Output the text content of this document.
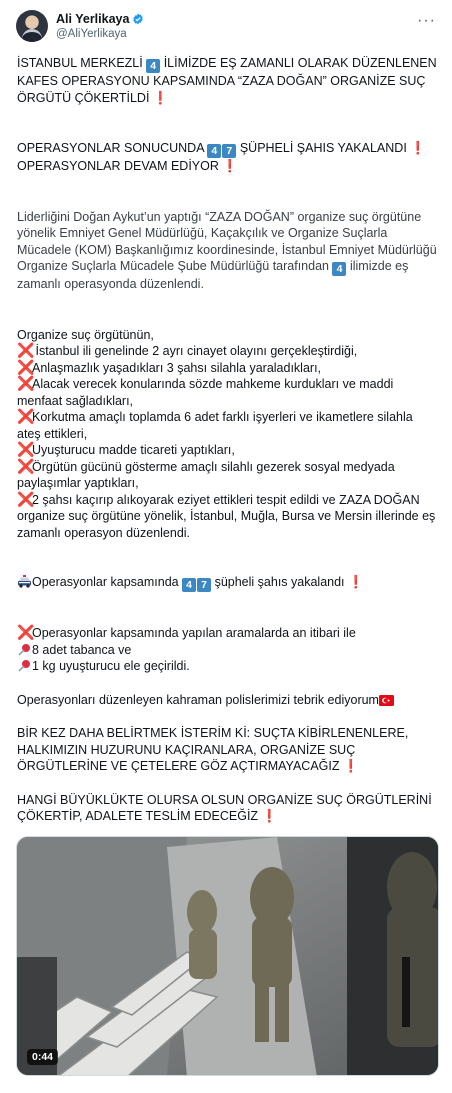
Ali Yerlikaya
@AliYerlikaya
···

İSTANBUL MERKEZLİ 4 İLİMİZDE EŞ ZAMANLI OLARAK DÜZENLENEN KAFES OPERASYONU KAPSAMINDA “ZAZA DOĞAN” ORGANİZE SUÇ ÖRGÜTÜ ÇÖKERTİLDİ ❗

OPERASYONLAR SONUCUNDA 4 7 ŞÜPHELİ ŞAHIS YAKALANDI ❗
OPERASYONLAR DEVAM EDİYOR ❗

Liderliğini Doğan Aykut’un yaptığı “ZAZA DOĞAN” organize suç örgütüne yönelik Emniyet Genel Müdürlüğü, Kaçakçılık ve Organize Suçlarla Mücadele (KOM) Başkanlığımız koordinesinde, İstanbul Emniyet Müdürlüğü Organize Suçlarla Mücadele Şube Müdürlüğü tarafından 4 ilimizde eş zamanlı operasyonda düzenlendi.

Organize suç örgütünün,

❌ İstanbul ili genelinde 2 ayrı cinayet olayını gerçekleştirdiği,

❌Anlaşmazlık yaşadıkları 3 şahsı silahla yaraladıkları,

❌Alacak verecek konularında sözde mahkeme kurdukları ve maddi menfaat sağladıkları,

❌Korkutma amaçlı toplamda 6 adet farklı işyerleri ve ikametlere silahla ateş ettikleri,

❌Uyuşturucu madde ticareti yaptıkları,

❌Örgütün gücünü gösterme amaçlı silahlı gezerek sosyal medyada paylaşımlar yaptıkları,

❌2 şahsı kaçırıp alıkoyarak eziyet ettikleri tespit edildi ve ZAZA DOĞAN organize suç örgütüne yönelik, İstanbul, Muğla, Bursa ve Mersin illerinde eş zamanlı operasyon düzenlendi.

Operasyonlar kapsamında 4 7 şüpheli şahıs yakalandı ❗

❌Operasyonlar kapsamında yapılan aramalarda an itibari ile
8 adet tabanca ve
1 kg uyuşturucu ele geçirildi.

Operasyonları düzenleyen kahraman polislerimizi tebrik ediyorum

BİR KEZ DAHA BELİRTMEK İSTERİM Kİ: SUÇTA KİBİRLENENLERE, HALKIMIZIN HUZURUNU KAÇIRANLARA, ORGANİZE SUÇ ÖRGÜTLERİNE VE ÇETELERE GÖZ AÇTIRMAYACAĞIZ ❗

HANGİ BÜYÜKLÜKTE OLURSA OLSUN ORGANİZE SUÇ ÖRGÜTLERİNİ ÇÖKERTİP, ADALETE TESLİM EDECEĞİZ ❗

0:44
